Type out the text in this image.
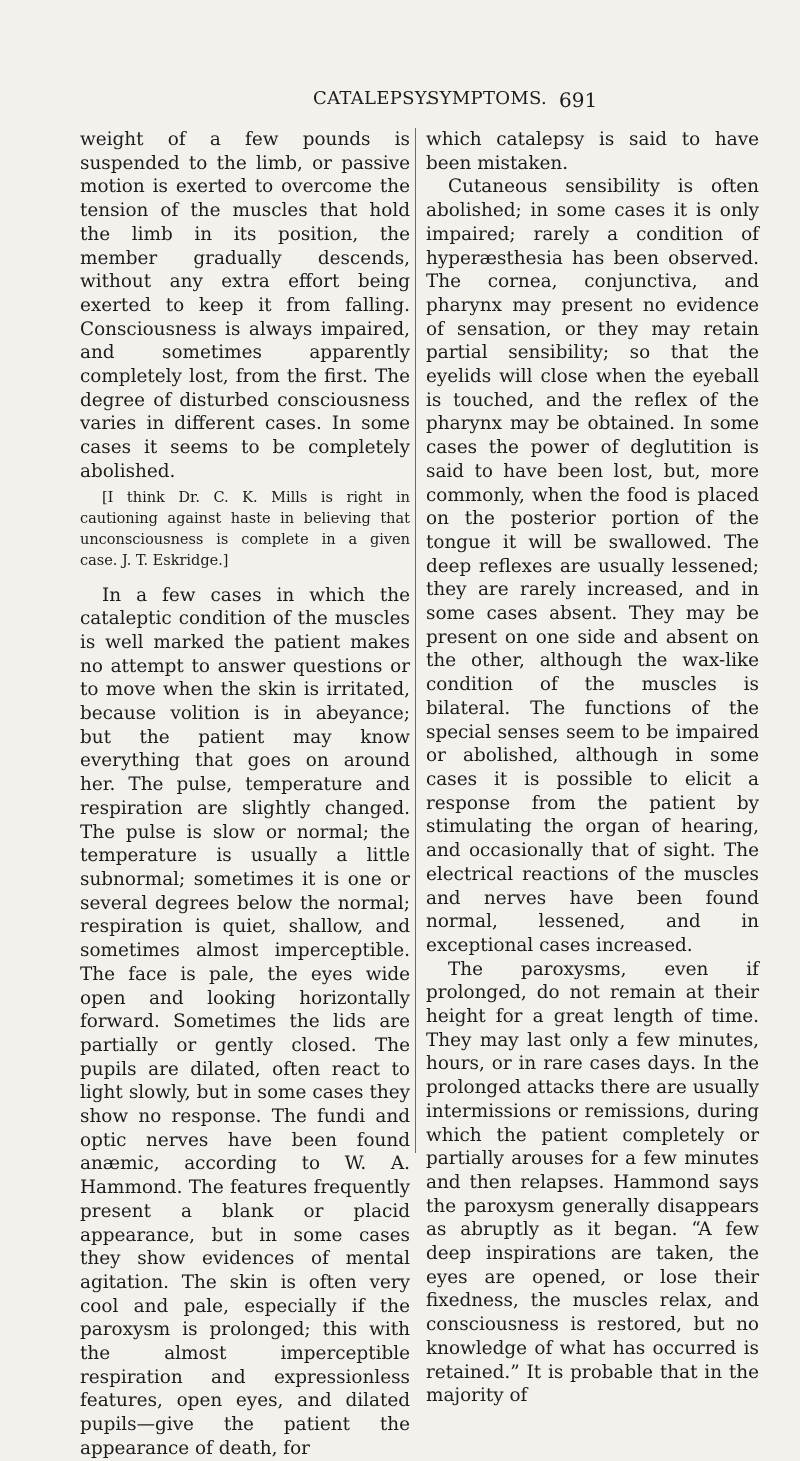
CATALEPSY.
SYMPTOMS. 691

weight of a few pounds is suspended to the limb, or passive motion is exerted to overcome the tension of the muscles that hold the limb in its position, the member gradually descends, without any extra effort being exerted to keep it from falling. Consciousness is always impaired, and sometimes apparently completely lost, from the first. The degree of disturbed consciousness varies in different cases. In some cases it seems to be completely abolished.

[I think Dr. C. K. Mills is right in cautioning against haste in believing that unconsciousness is complete in a given case. J. T. Eskridge.]

In a few cases in which the cataleptic condition of the muscles is well marked the patient makes no attempt to answer questions or to move when the skin is irritated, because volition is in abeyance; but the patient may know everything that goes on around her. The pulse, temperature and respiration are slightly changed. The pulse is slow or normal; the temperature is usually a little subnormal; sometimes it is one or several degrees below the normal; respiration is quiet, shallow, and sometimes almost imperceptible. The face is pale, the eyes wide open and looking horizontally forward. Sometimes the lids are partially or gently closed. The pupils are dilated, often react to light slowly, but in some cases they show no response. The fundi and optic nerves have been found anæmic, according to W. A. Hammond. The features frequently present a blank or placid appearance, but in some cases they show evidences of mental agitation. The skin is often very cool and pale, especially if the paroxysm is prolonged; this with the almost imperceptible respiration and expressionless features, open eyes, and dilated pupils—give the patient the appearance of death, for

which catalepsy is said to have been mistaken.

Cutaneous sensibility is often abolished; in some cases it is only impaired; rarely a condition of hyperæsthesia has been observed. The cornea, conjunctiva, and pharynx may present no evidence of sensation, or they may retain partial sensibility; so that the eyelids will close when the eyeball is touched, and the reflex of the pharynx may be obtained. In some cases the power of deglutition is said to have been lost, but, more commonly, when the food is placed on the posterior portion of the tongue it will be swallowed. The deep reflexes are usually lessened; they are rarely increased, and in some cases absent. They may be present on one side and absent on the other, although the wax-like condition of the muscles is bilateral. The functions of the special senses seem to be impaired or abolished, although in some cases it is possible to elicit a response from the patient by stimulating the organ of hearing, and occasionally that of sight. The electrical reactions of the muscles and nerves have been found normal, lessened, and in exceptional cases increased.

The paroxysms, even if prolonged, do not remain at their height for a great length of time. They may last only a few minutes, hours, or in rare cases days. In the prolonged attacks there are usually intermissions or remissions, during which the patient completely or partially arouses for a few minutes and then relapses. Hammond says the paroxysm generally disappears as abruptly as it began. “A few deep inspirations are taken, the eyes are opened, or lose their fixedness, the muscles relax, and consciousness is restored, but no knowledge of what has occurred is retained.” It is probable that in the majority of
